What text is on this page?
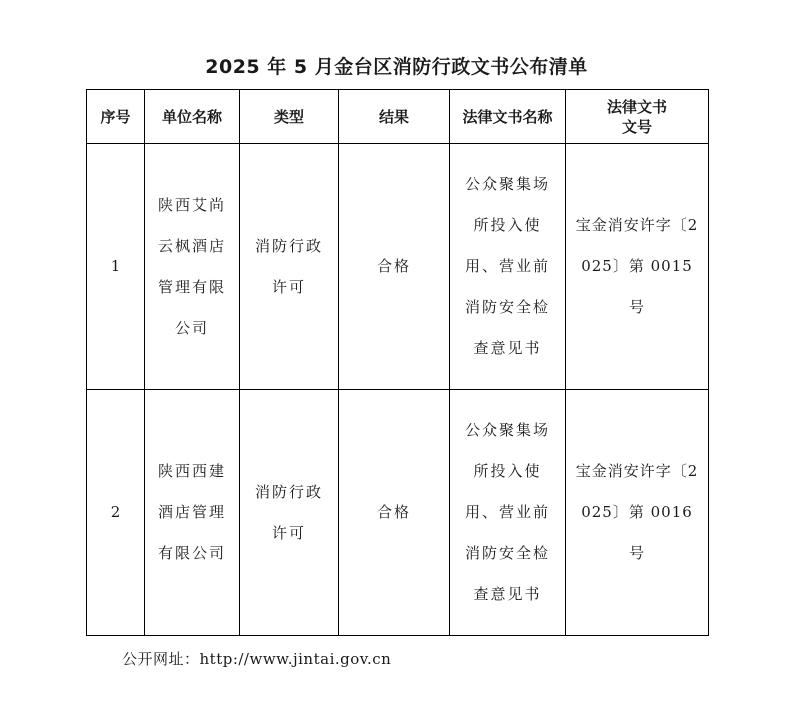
2025 年 5 月金台区消防行政文书公布清单
序号	单位名称	类型	结果	法律文书名称	法律文书
文号

1	陕西艾尚云枫酒店管理有限公司	消防行政许可	合格	公众聚集场所投入使用、营业前消防安全检查意见书	宝金消安许字〔2025〕第 0015 号

2	陕西西建酒店管理有限公司	消防行政许可	合格	公众聚集场所投入使用、营业前消防安全检查意见书	宝金消安许字〔2025〕第 0016 号
公开网址：http://www.jintai.gov.cn
